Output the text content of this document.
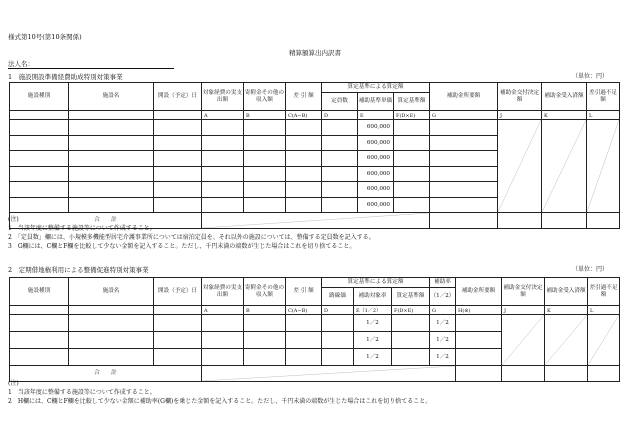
様式第10号(第10条関係)
精算額算出内訳書
法人名：
1　施設開設準備経費助成特別対策事業	（単位：円）
施設種別	施設名	開設（予定）日	対象経費の実支出額	寄附金その他の収入額	差 引 額	算定基準による算定額			補助金所要額	補助金交付決定額	補助金受入済額	差引過不足額
						定員数	補助基準単価	算定基準額				
			A	B	C(A−B)	D	E	F(D×E)	G	J	K	L
							600,000			

							600,000					
							600,000					
							600,000					
							600,000					
							600,000					
合　　計	

(注)
1　当該年度に整備する施設等について作成すること。
2　「定員数」欄には、小規模多機能型居宅介護事業所については宿泊定員を、それ以外の施設については、整備する定員数を記入する。
3　G欄には、C欄とF欄を比較して少ない金額を記入すること。ただし、千円未満の端数が生じた場合はこれを切り捨てること。
2　定期借地権利用による整備促進特別対策事業	（単位：円）
施設種別	施設名	開設（予定）日	対象経費の実支出額	寄附金その他の収入額	差 引 額	算定基準による算定額			補助率	補助金所要額	補助金交付決定額	補助金受入済額	差引過不足額
						路線価	補助対象率	算定基準額	（1／2）				
			A	B	C(A−B)	D	E（1／2）	F(D×E)	G	H(※)	J	K	L
							1／2		1／2		

							1／2		1／2				
							1／2		1／2				
合　　計	

(注)
1　当該年度に整備する施設等について作成すること。
2　H欄には、C欄とF欄を比較して少ない金額に補助率(G欄)を乗じた金額を記入すること。ただし、千円未満の端数が生じた場合はこれを切り捨てること。
